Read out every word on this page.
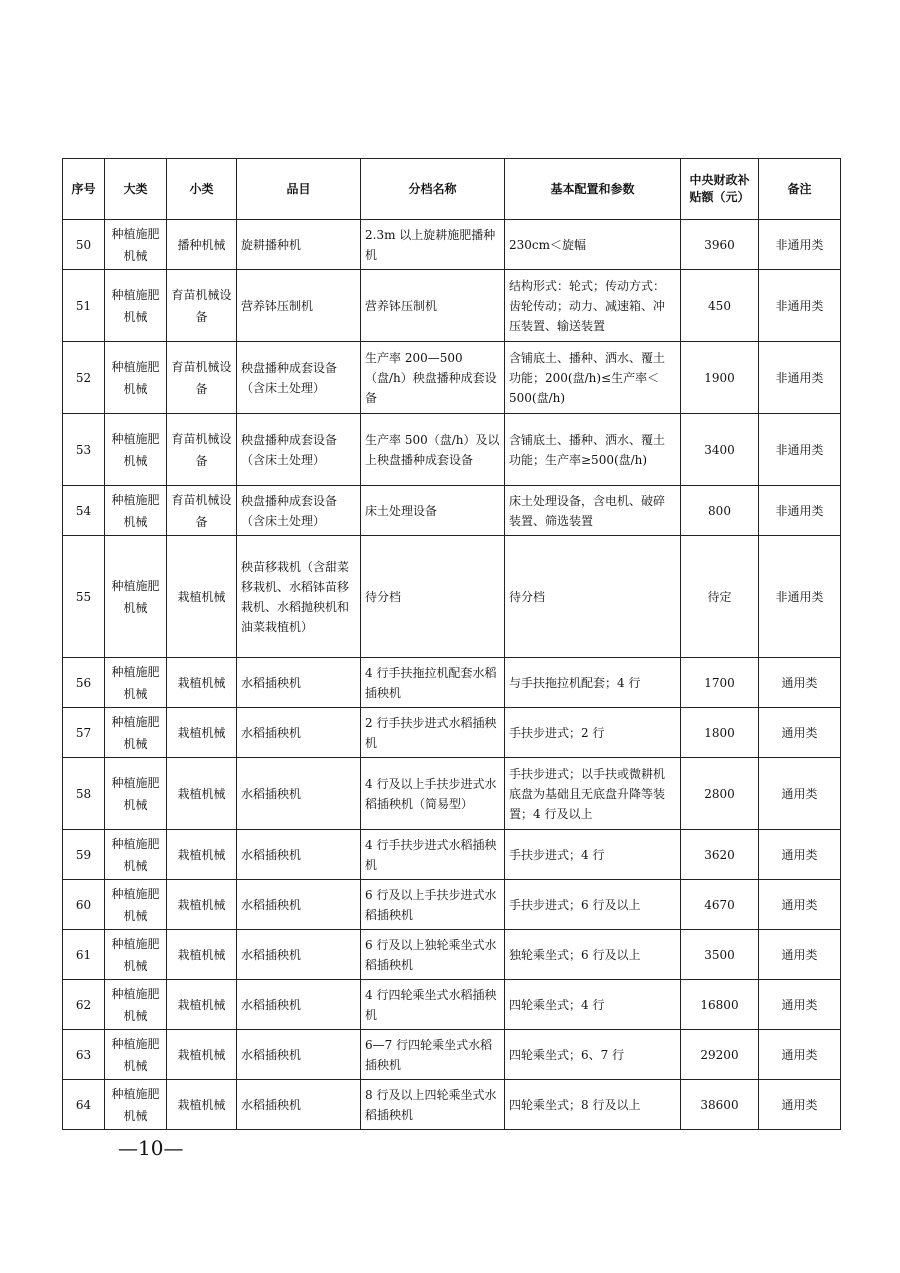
序号	大类	小类	品目	分档名称	基本配置和参数	中央财政补贴额（元）	备注
50	种植施肥机械	播种机械	旋耕播种机	2.3m 以上旋耕施肥播种机	230cm＜旋幅	3960	非通用类
51	种植施肥机械	育苗机械设备	营养钵压制机	营养钵压制机	结构形式：轮式；传动方式：齿轮传动；动力、减速箱、冲压装置、输送装置	450	非通用类
52	种植施肥机械	育苗机械设备	秧盘播种成套设备（含床土处理）	生产率 200—500（盘/h）秧盘播种成套设备	含铺底土、播种、洒水、覆土功能；200(盘/h)≤生产率＜500(盘/h)	1900	非通用类
53	种植施肥机械	育苗机械设备	秧盘播种成套设备（含床土处理）	生产率 500（盘/h）及以上秧盘播种成套设备	含铺底土、播种、洒水、覆土功能；生产率≥500(盘/h)	3400	非通用类
54	种植施肥机械	育苗机械设备	秧盘播种成套设备（含床土处理）	床土处理设备	床土处理设备，含电机、破碎装置、筛选装置	800	非通用类
55	种植施肥机械	栽植机械	秧苗移栽机（含甜菜移栽机、水稻钵苗移栽机、水稻抛秧机和油菜栽植机）	待分档	待分档	待定	非通用类
56	种植施肥机械	栽植机械	水稻插秧机	4 行手扶拖拉机配套水稻插秧机	与手扶拖拉机配套；4 行	1700	通用类
57	种植施肥机械	栽植机械	水稻插秧机	2 行手扶步进式水稻插秧机	手扶步进式；2 行	1800	通用类
58	种植施肥机械	栽植机械	水稻插秧机	4 行及以上手扶步进式水稻插秧机（简易型）	手扶步进式；以手扶或微耕机底盘为基础且无底盘升降等装置；4 行及以上	2800	通用类
59	种植施肥机械	栽植机械	水稻插秧机	4 行手扶步进式水稻插秧机	手扶步进式；4 行	3620	通用类
60	种植施肥机械	栽植机械	水稻插秧机	6 行及以上手扶步进式水稻插秧机	手扶步进式；6 行及以上	4670	通用类
61	种植施肥机械	栽植机械	水稻插秧机	6 行及以上独轮乘坐式水稻插秧机	独轮乘坐式；6 行及以上	3500	通用类
62	种植施肥机械	栽植机械	水稻插秧机	4 行四轮乘坐式水稻插秧机	四轮乘坐式；4 行	16800	通用类
63	种植施肥机械	栽植机械	水稻插秧机	6—7 行四轮乘坐式水稻插秧机	四轮乘坐式；6、7 行	29200	通用类
64	种植施肥机械	栽植机械	水稻插秧机	8 行及以上四轮乘坐式水稻插秧机	四轮乘坐式；8 行及以上	38600	通用类
—10—
